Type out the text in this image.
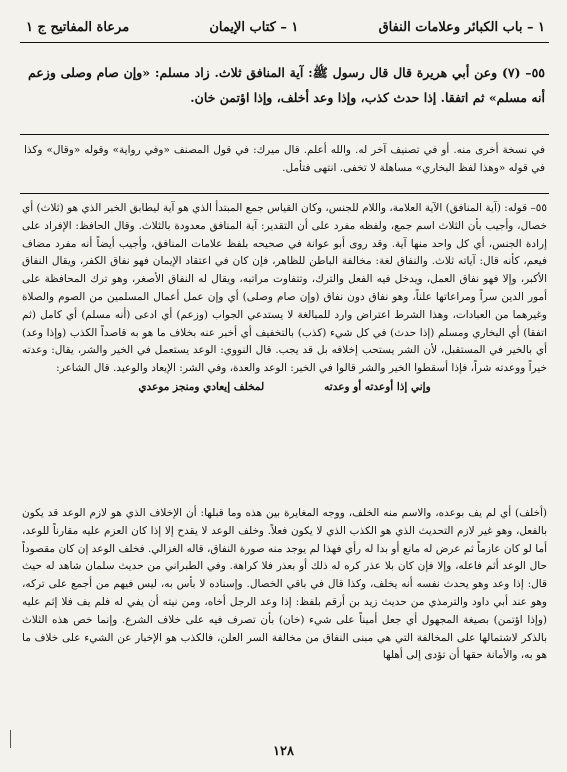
مرعاة المفاتيح ج ١	١ – كتاب الإيمان	١ – باب الكبائر وعلامات النفاق
٥٥– (٧) وعن أبي هريرة قال قال رسول ﷺ: آية المنافق ثلاث. زاد مسلم: «وإن صام وصلى وزعم أنه مسلم» ثم اتفقا. إذا حدث كذب، وإذا وعد أخلف، وإذا اؤتمن خان.
في نسخة أخرى منه. أو في تصنيف آخر له. والله أعلم. قال ميرك: في قول المصنف «وفي رواية» وقوله «وقال» وكذا في قوله «وهذا لفظ البخاري» مساهلة لا تخفى. انتهى فتأمل.
٥٥– قوله: (آية المنافق) الآية العلامة، واللام للجنس، وكان القياس جمع المبتدأ الذي هو آية ليطابق الخبر الذي هو (ثلاث) أي خصال، وأجيب بأن الثلاث اسم جمع، ولفظه مفرد على أن التقدير: آية المنافق معدودة بالثلاث. وقال الحافظ: الإفراد على إرادة الجنس، أي كل واحد منها آية. وقد روى أبو عوانة في صحيحه بلفظ علامات المنافق، وأجيب أيضاً أنه مفرد مضاف فيعم، كأنه قال: آياته ثلاث. والنفاق لغة: مخالفة الباطن للظاهر، فإن كان في اعتقاد الإيمان فهو نفاق الكفر، ويقال النفاق الأكبر، وإلا فهو نفاق العمل، ويدخل فيه الفعل والترك، وتتفاوت مراتبه، ويقال له النفاق الأصغر، وهو ترك المحافظة على أمور الدين سراً ومراعاتها علناً، وهو نفاق دون نفاق (وإن صام وصلى) أي وإن عمل أعمال المسلمين من الصوم والصلاة وغيرهما من العبادات، وهذا الشرط اعتراض وارد للمبالغة لا يستدعي الجواب (وزعم) أي ادعى (أنه مسلم) أي كامل (ثم اتفقا) أي البخاري ومسلم (إذا حدث) في كل شيء (كذب) بالتخفيف أي أخبر عنه بخلاف ما هو به قاصداً الكذب (وإذا وعد) أي بالخير في المستقبل، لأن الشر يستحب إخلافه بل قد يجب. قال النووي: الوعد يستعمل في الخير والشر، يقال: وعدته خيراً ووعدته شراً، فإذا أسقطوا الخير والشر قالوا في الخير: الوعد والعدة، وفي الشر: الإيعاد والوعيد. قال الشاعر:
وإني إذا أوعدته أو وعدته
لمخلف إيعادي ومنجز موعدي
(أخلف) أي لم يف بوعده، والاسم منه الخلف، ووجه المغايرة بين هذه وما قبلها: أن الإخلاف الذي هو لازم الوعد قد يكون بالفعل، وهو غير لازم التحديث الذي هو الكذب الذي لا يكون فعلاً. وخلف الوعد لا يقدح إلا إذا كان العزم عليه مقارناً للوعد، أما لو كان عازماً ثم عرض له مانع أو بدا له رأي فهذا لم يوجد منه صورة النفاق، قاله الغزالي. فخلف الوعد إن كان مقصوداً حال الوعد أثم فاعله، وإلا فإن كان بلا عذر كره له ذلك أو بعذر فلا كراهة. وفي الطبراني من حديث سلمان شاهد له حيث قال: إذا وعد وهو يحدث نفسه أنه يخلف، وكذا قال في باقي الخصال. وإسناده لا بأس به، ليس فيهم من أجمع على تركه، وهو عند أبي داود والترمذي من حديث زيد بن أرقم بلفظ: إذا وعد الرجل أخاه، ومن نيته أن يفي له فلم يف فلا إثم عليه (وإذا اؤتمن) بصيغة المجهول أي جعل أميناً على شيء (خان) بأن تصرف فيه على خلاف الشرع. وإنما خص هذه الثلاث بالذكر لاشتمالها على المخالفة التي هي مبنى النفاق من مخالفة السر العلن، فالكذب هو الإخبار عن الشيء على خلاف ما هو به، والأمانة حقها أن تؤدى إلى أهلها
١٢٨
